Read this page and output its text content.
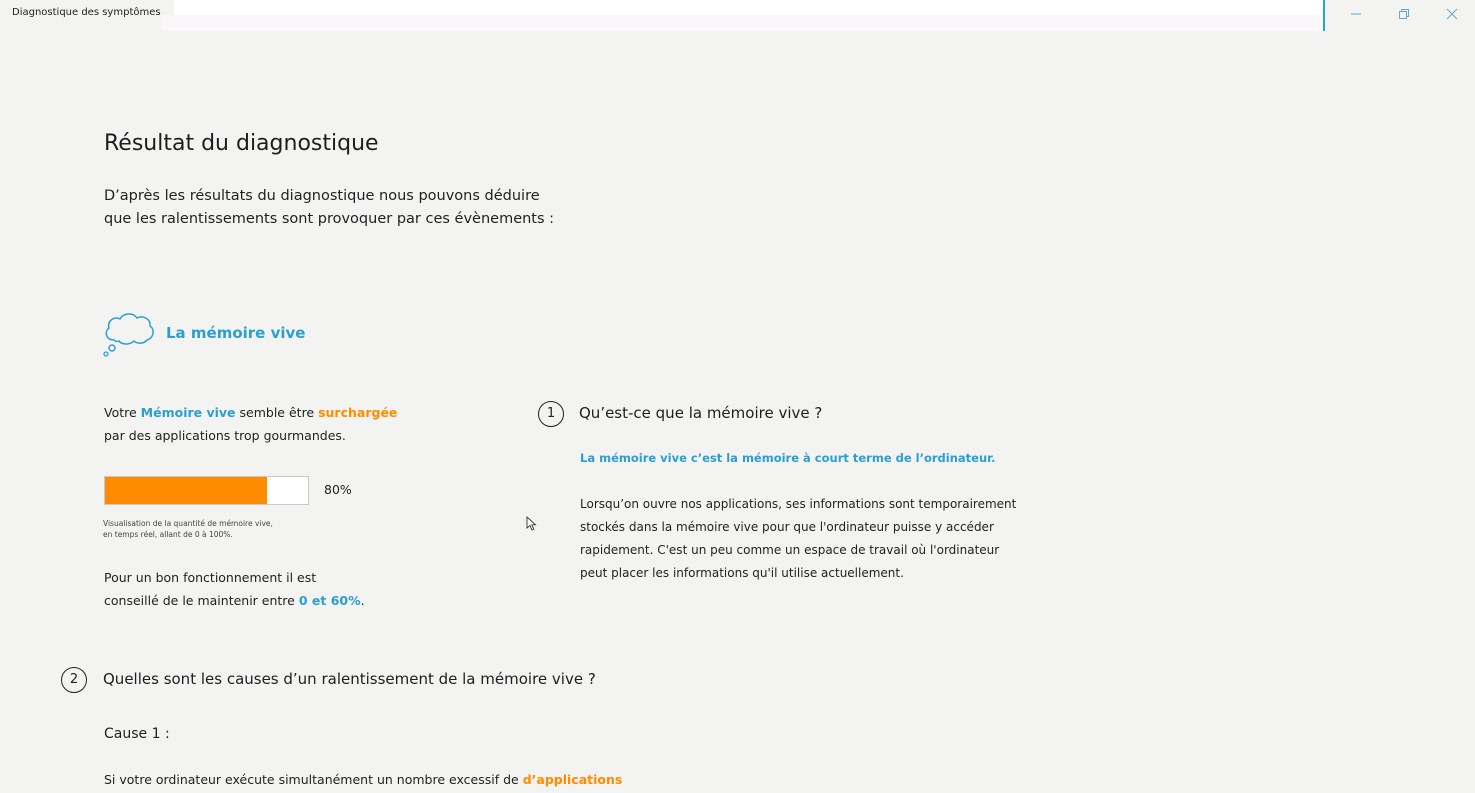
Diagnostique des symptômes
Résultat du diagnostique
D’après les résultats du diagnostique nous pouvons déduire
que les ralentissements sont provoquer par ces évènements :
La mémoire vive
Votre Mémoire vive semble être surchargée
par des applications trop gourmandes.
80%
Visualisation de la quantité de mémoire vive,
en temps réel, allant de 0 à 100%.
Pour un bon fonctionnement il est
conseillé de le maintenir entre 0 et 60%.
1	Qu’est-ce que la mémoire vive ?
La mémoire vive c’est la mémoire à court terme de l’ordinateur.
Lorsqu’on ouvre nos applications, ses informations sont temporairement
stockés dans la mémoire vive pour que l'ordinateur puisse y accéder
rapidement. C'est un peu comme un espace de travail où l'ordinateur
peut placer les informations qu'il utilise actuellement.
2	Quelles sont les causes d’un ralentissement de la mémoire vive ?
Cause 1 :
Si votre ordinateur exécute simultanément un nombre excessif de d’applications
